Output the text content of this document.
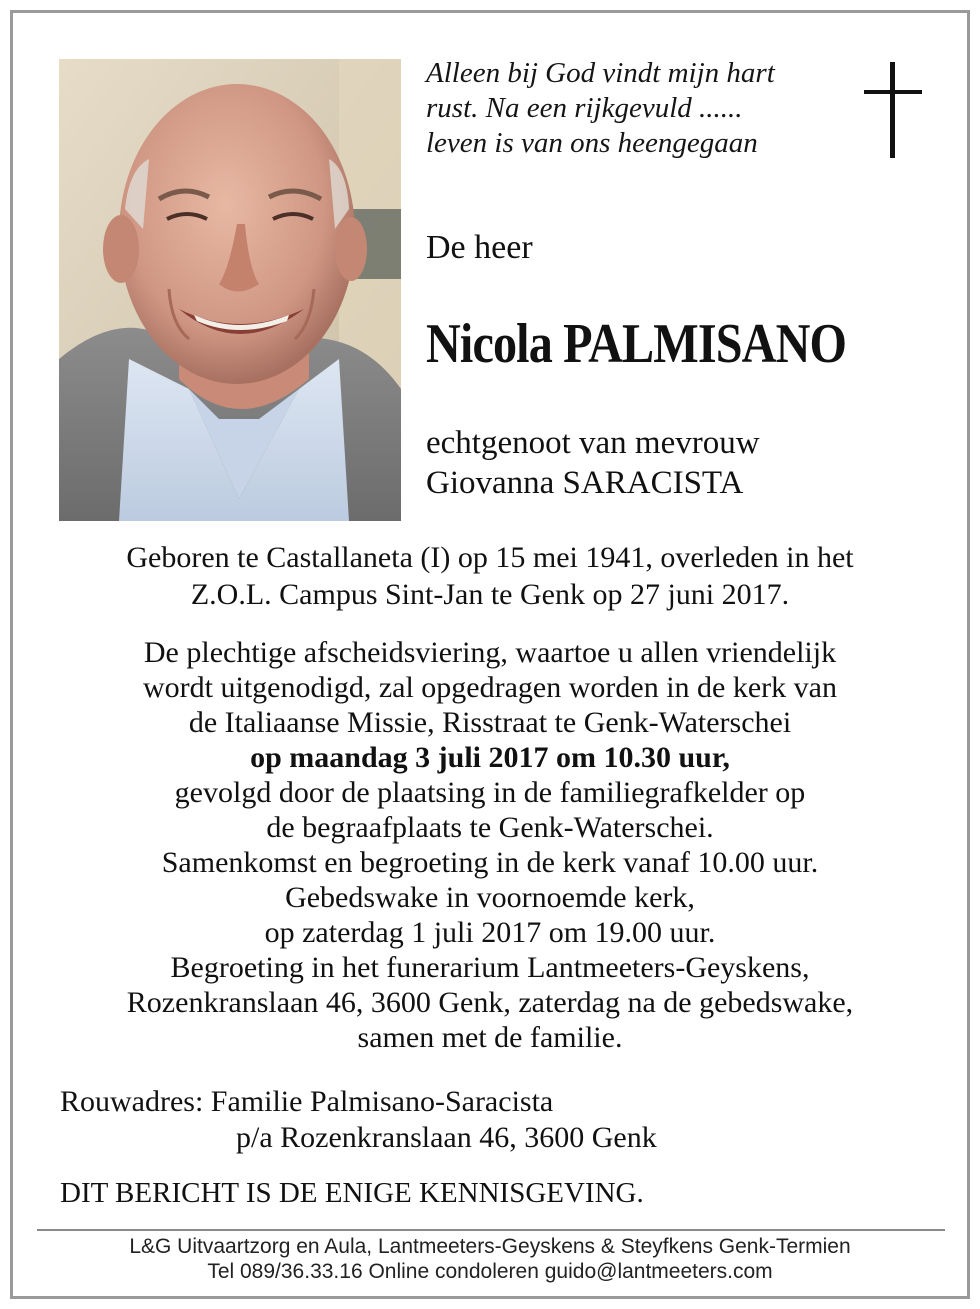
Alleen bij God vindt mijn hart
rust. Na een rijkgevuld ......
leven is van ons heengegaan
De heer
Nicola PALMISANO
echtgenoot van mevrouw
Giovanna SARACISTA
Geboren te Castallaneta (I) op 15 mei 1941, overleden in het
Z.O.L. Campus Sint-Jan te Genk op 27 juni 2017.
De plechtige afscheidsviering, waartoe u allen vriendelijk
wordt uitgenodigd, zal opgedragen worden in de kerk van
de Italiaanse Missie, Risstraat te Genk-Waterschei
op maandag 3 juli 2017 om 10.30 uur,
gevolgd door de plaatsing in de familiegrafkelder op
de begraafplaats te Genk-Waterschei.
Samenkomst en begroeting in de kerk vanaf 10.00 uur.
Gebedswake in voornoemde kerk,
op zaterdag 1 juli 2017 om 19.00 uur.
Begroeting in het funerarium Lantmeeters-Geyskens,
Rozenkranslaan 46, 3600 Genk, zaterdag na de gebedswake,
samen met de familie.
Rouwadres: Familie Palmisano-Saracista
p/a Rozenkranslaan 46, 3600 Genk
DIT BERICHT IS DE ENIGE KENNISGEVING.
L&G Uitvaartzorg en Aula, Lantmeeters-Geyskens & Steyfkens Genk-Termien
Tel 089/36.33.16 Online condoleren guido@lantmeeters.com
